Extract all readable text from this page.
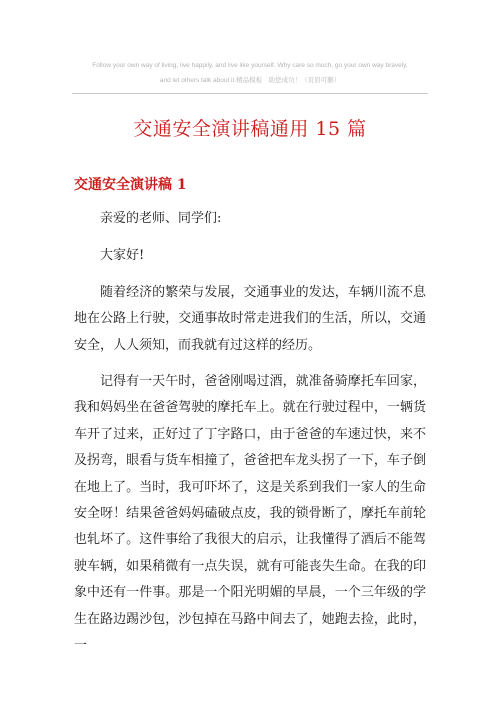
Follow your own way of living, live happily, and live like yourself. Why care so much, go your own way bravely,
and let others talk about it.精品模板　助您成功！（页眉可删）
交通安全演讲稿通用 15 篇
交通安全演讲稿 1

亲爱的老师、同学们:

大家好!

随着经济的繁荣与发展，交通事业的发达，车辆川流不息地在公路上行驶，交通事故时常走进我们的生活，所以，交通安全，人人须知，而我就有过这样的经历。

记得有一天午时，爸爸刚喝过酒，就准备骑摩托车回家，我和妈妈坐在爸爸驾驶的摩托车上。就在行驶过程中，一辆货车开了过来，正好过了丁字路口，由于爸爸的车速过快，来不及拐弯，眼看与货车相撞了，爸爸把车龙头拐了一下，车子倒在地上了。当时，我可吓坏了，这是关系到我们一家人的生命安全呀！结果爸爸妈妈磕破点皮，我的锁骨断了，摩托车前轮也轧坏了。这件事给了我很大的启示，让我懂得了酒后不能驾驶车辆，如果稍微有一点失误，就有可能丧失生命。在我的印象中还有一件事。那是一个阳光明媚的早晨，一个三年级的学生在路边踢沙包，沙包掉在马路中间去了，她跑去捡，此时，一
